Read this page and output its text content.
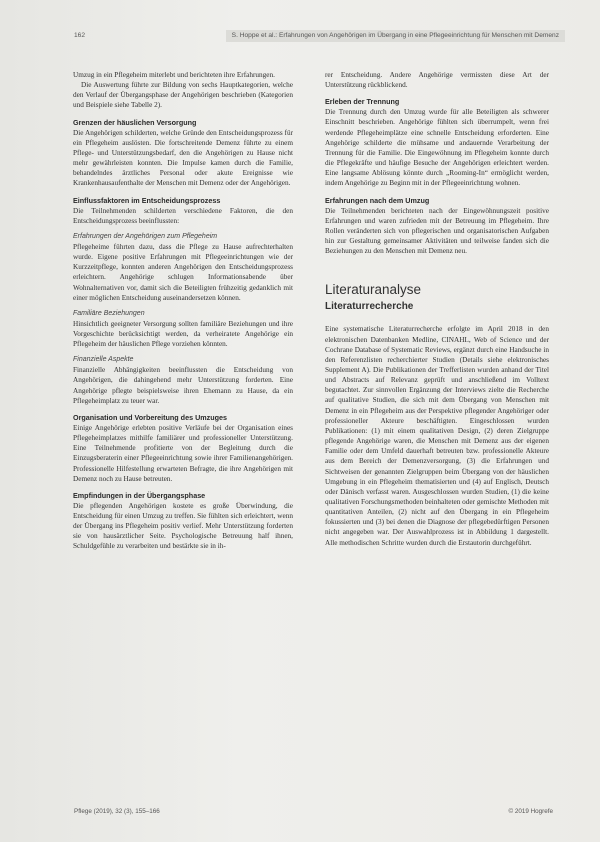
162	S. Hoppe et al.: Erfahrungen von Angehörigen im Übergang in eine Pflegeeinrichtung für Menschen mit Demenz

Umzug in ein Pflegeheim miterlebt und berichteten ihre Erfahrungen.

Die Auswertung führte zur Bildung von sechs Hauptkategorien, welche den Verlauf der Übergangsphase der Angehörigen beschrieben (Kategorien und Beispiele siehe Tabelle 2).

Grenzen der häuslichen Versorgung

Die Angehörigen schilderten, welche Gründe den Entscheidungsprozess für ein Pflegeheim auslösten. Die fortschreitende Demenz führte zu einem Pflege- und Unterstützungsbedarf, den die Angehörigen zu Hause nicht mehr gewährleisten konnten. Die Impulse kamen durch die Familie, behandelndes ärztliches Personal oder akute Ereignisse wie Krankenhausaufenthalte der Menschen mit Demenz oder der Angehörigen.

Einflussfaktoren im Entscheidungsprozess

Die Teilnehmenden schilderten verschiedene Faktoren, die den Entscheidungsprozess beeinflussten:

Erfahrungen der Angehörigen zum Pflegeheim

Pflegeheime führten dazu, dass die Pflege zu Hause aufrechterhalten wurde. Eigene positive Erfahrungen mit Pflegeeinrichtungen wie der Kurzzeitpflege, konnten anderen Angehörigen den Entscheidungsprozess erleichtern. Angehörige schlugen Informationsabende über Wohnalternativen vor, damit sich die Beteiligten frühzeitig gedanklich mit einer möglichen Entscheidung auseinandersetzen können.

Familiäre Beziehungen

Hinsichtlich geeigneter Versorgung sollten familiäre Beziehungen und ihre Vorgeschichte berücksichtigt werden, da verheiratete Angehörige ein Pflegeheim der häuslichen Pflege vorziehen könnten.

Finanzielle Aspekte

Finanzielle Abhängigkeiten beeinflussten die Entscheidung von Angehörigen, die dahingehend mehr Unterstützung forderten. Eine Angehörige pflegte beispielsweise ihren Ehemann zu Hause, da ein Pflegeheimplatz zu teuer war.

Organisation und Vorbereitung des Umzuges

Einige Angehörige erlebten positive Verläufe bei der Organisation eines Pflegeheimplatzes mithilfe familiärer und professioneller Unterstützung. Eine Teilnehmende profitierte von der Begleitung durch die Einzugsberaterin einer Pflegeeinrichtung sowie ihrer Familienangehörigen. Professionelle Hilfestellung erwarteten Befragte, die ihre Angehörigen mit Demenz noch zu Hause betreuten.

Empfindungen in der Übergangsphase

Die pflegenden Angehörigen kostete es große Überwindung, die Entscheidung für einen Umzug zu treffen. Sie fühlten sich erleichtert, wenn der Übergang ins Pflegeheim positiv verlief. Mehr Unterstützung forderten sie von hausärztlicher Seite. Psychologische Betreuung half ihnen, Schuldgefühle zu verarbeiten und bestärkte sie in ih-

rer Entscheidung. Andere Angehörige vermissten diese Art der Unterstützung rückblickend.

Erleben der Trennung

Die Trennung durch den Umzug wurde für alle Beteiligten als schwerer Einschnitt beschrieben. Angehörige fühlten sich überrumpelt, wenn frei werdende Pflegeheimplätze eine schnelle Entscheidung erforderten. Eine Angehörige schilderte die mühsame und andauernde Verarbeitung der Trennung für die Familie. Die Eingewöhnung im Pflegeheim konnte durch die Pflegekräfte und häufige Besuche der Angehörigen erleichtert werden. Eine langsame Ablösung könnte durch „Rooming-In“ ermöglicht werden, indem Angehörige zu Beginn mit in der Pflegeeinrichtung wohnen.

Erfahrungen nach dem Umzug

Die Teilnehmenden berichteten nach der Eingewöhnungszeit positive Erfahrungen und waren zufrieden mit der Betreuung im Pflegeheim. Ihre Rollen veränderten sich von pflegerischen und organisatorischen Aufgaben hin zur Gestaltung gemeinsamer Aktivitäten und teilweise fanden sich die Beziehungen zu den Menschen mit Demenz neu.

Literaturanalyse
Literaturrecherche

Eine systematische Literaturrecherche erfolgte im April 2018 in den elektronischen Datenbanken Medline, CINAHL, Web of Science und der Cochrane Database of Systematic Reviews, ergänzt durch eine Handsuche in den Referenzlisten recherchierter Studien (Details siehe elektronisches Supplement A). Die Publikationen der Trefferlisten wurden anhand der Titel und Abstracts auf Relevanz geprüft und anschließend im Volltext begutachtet. Zur sinnvollen Ergänzung der Interviews zielte die Recherche auf qualitative Studien, die sich mit dem Übergang von Menschen mit Demenz in ein Pflegeheim aus der Perspektive pflegender Angehöriger oder professioneller Akteure beschäftigten. Eingeschlossen wurden Publikationen: (1) mit einem qualitativen Design, (2) deren Zielgruppe pflegende Angehörige waren, die Menschen mit Demenz aus der eigenen Familie oder dem Umfeld dauerhaft betreuten bzw. professionelle Akteure aus dem Bereich der Demenzversorgung, (3) die Erfahrungen und Sichtweisen der genannten Zielgruppen beim Übergang von der häuslichen Umgebung in ein Pflegeheim thematisierten und (4) auf Englisch, Deutsch oder Dänisch verfasst waren. Ausgeschlossen wurden Studien, (1) die keine qualitativen Forschungsmethoden beinhalteten oder gemischte Methoden mit quantitativen Anteilen, (2) nicht auf den Übergang in ein Pflegeheim fokussierten und (3) bei denen die Diagnose der pflegebedürftigen Personen nicht angegeben war. Der Auswahlprozess ist in Abbildung 1 dargestellt. Alle methodischen Schritte wurden durch die Erstautorin durchgeführt.

Pflege (2019), 32 (3), 155–166	© 2019 Hogrefe
